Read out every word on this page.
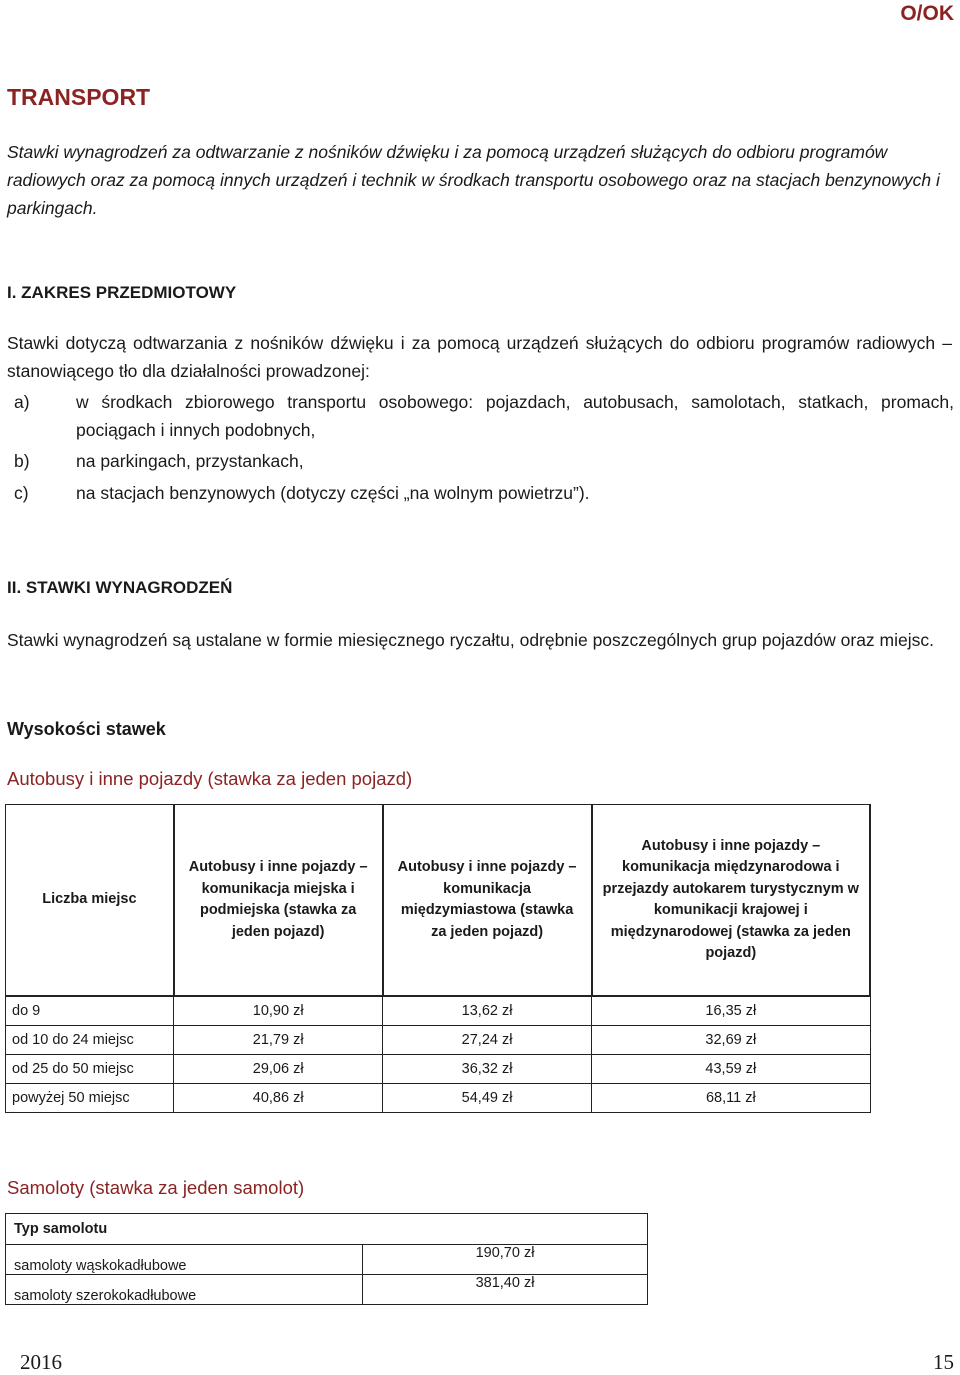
O/OK
TRANSPORT
Stawki wynagrodzeń za odtwarzanie z nośników dźwięku i za pomocą urządzeń służących do odbioru programów radiowych oraz za pomocą innych urządzeń i technik w środkach transportu osobowego oraz na stacjach benzynowych i parkingach.
I. ZAKRES PRZEDMIOTOWY
Stawki dotyczą odtwarzania z nośników dźwięku i za pomocą urządzeń służących do odbioru programów radiowych – stanowiącego tło dla działalności prowadzonej:
a)	w środkach zbiorowego transportu osobowego: pojazdach, autobusach, samolotach, statkach, promach, pociągach i innych podobnych,
b)	na parkingach, przystankach,
c)	na stacjach benzynowych (dotyczy części „na wolnym powietrzu”).
II. STAWKI WYNAGRODZEŃ
Stawki wynagrodzeń są ustalane w formie miesięcznego ryczałtu, odrębnie poszczególnych grup pojazdów oraz miejsc.
Wysokości stawek
Autobusy i inne pojazdy (stawka za jeden pojazd)
Liczba miejsc	Autobusy i inne pojazdy – komunikacja miejska i podmiejska (stawka za jeden pojazd)	Autobusy i inne pojazdy – komunikacja międzymiastowa (stawka za jeden pojazd)	Autobusy i inne pojazdy – komunikacja międzynarodowa i przejazdy autokarem turystycznym w komunikacji krajowej i międzynarodowej (stawka za jeden pojazd)
do 9	10,90 zł	13,62 zł	16,35 zł
od 10 do 24 miejsc	21,79 zł	27,24 zł	32,69 zł
od 25 do 50 miejsc	29,06 zł	36,32 zł	43,59 zł
powyżej 50 miejsc	40,86 zł	54,49 zł	68,11 zł
Samoloty (stawka za jeden samolot)
Typ samolotu	
samoloty wąskokadłubowe	190,70 zł
samoloty szerokokadłubowe	381,40 zł
2016	15
